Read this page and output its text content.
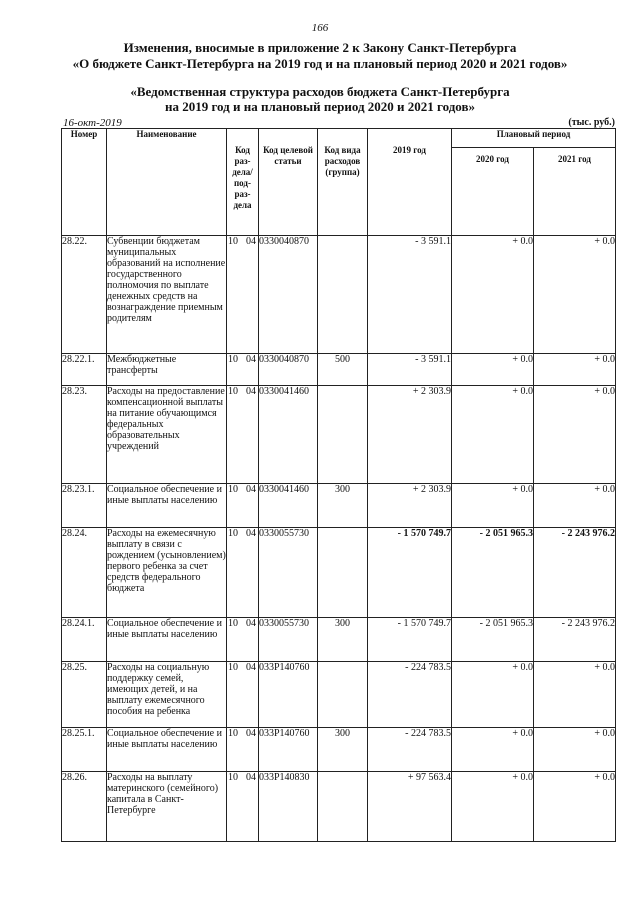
166
Изменения, вносимые в приложение 2 к Закону Санкт-Петербурга
«О бюджете Санкт-Петербурга на 2019 год и на плановый период 2020 и 2021 годов»
«Ведомственная структура расходов бюджета Санкт-Петербурга
на 2019 год и на плановый период 2020 и 2021 годов»
16-окт-2019	(тыс. руб.)
Номер	Наименование	Код раз- дела/ под- раз- дела	Код целевой статьи	Код вида расходов (группа)	2019 год	Плановый период	
						2020 год	2021 год
28.22.	Субвенции бюджетам муниципальных образований на исполнение государственного полномочия по выплате денежных средств на вознаграждение приемным родителям	10 04	0330040870		- 3 591.1	+ 0.0	+ 0.0
28.22.1.	Межбюджетные трансферты	10 04	0330040870	500	- 3 591.1	+ 0.0	+ 0.0
28.23.	Расходы на предоставление компенсационной выплаты на питание обучающимся федеральных образовательных учреждений	10 04	0330041460		+ 2 303.9	+ 0.0	+ 0.0
28.23.1.	Социальное обеспечение и иные выплаты населению	10 04	0330041460	300	+ 2 303.9	+ 0.0	+ 0.0
28.24.	Расходы на ежемесячную выплату в связи с рождением (усыновлением) первого ребенка за счет средств федерального бюджета	10 04	0330055730		- 1 570 749.7	- 2 051 965.3	- 2 243 976.2
28.24.1.	Социальное обеспечение и иные выплаты населению	10 04	0330055730	300	- 1 570 749.7	- 2 051 965.3	- 2 243 976.2
28.25.	Расходы на социальную поддержку семей, имеющих детей, и на выплату ежемесячного пособия на ребенка	10 04	033P140760		- 224 783.5	+ 0.0	+ 0.0
28.25.1.	Социальное обеспечение и иные выплаты населению	10 04	033P140760	300	- 224 783.5	+ 0.0	+ 0.0
28.26.	Расходы на выплату материнского (семейного) капитала в Санкт-Петербурге	10 04	033P140830		+ 97 563.4	+ 0.0	+ 0.0
